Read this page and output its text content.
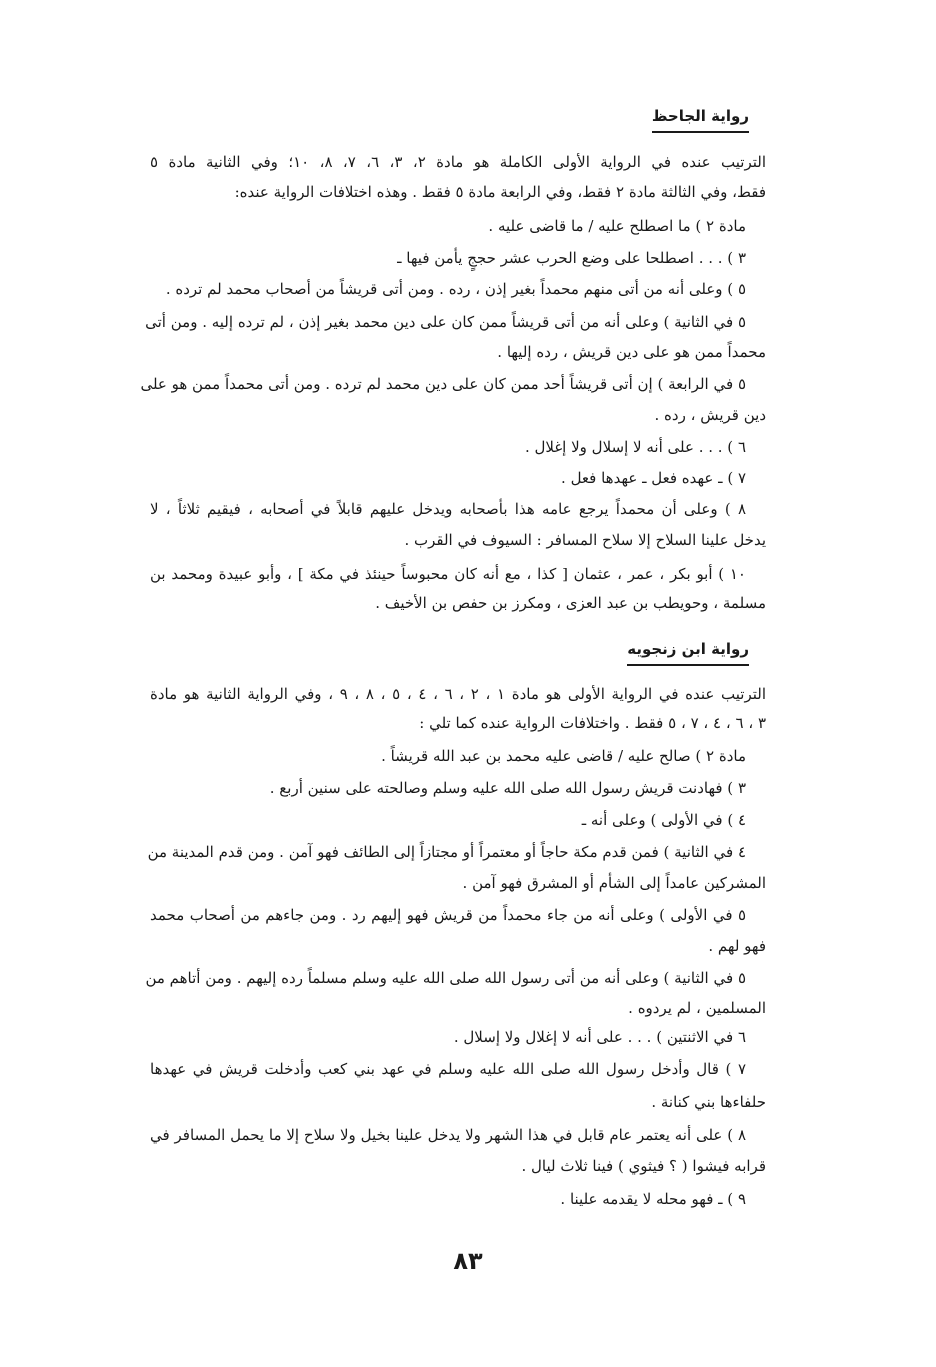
رواية الجاحظ
الترتيب عنده في الرواية الأولى الكاملة هو مادة ٢، ٣، ٦، ٧، ٨، ١٠؛ وفي الثانية مادة ٥
فقط، وفي الثالثة مادة ٢ فقط، وفي الرابعة مادة ٥ فقط . وهذه اختلافات الرواية عنده:
مادة ٢ ) ما اصطلح عليه / ما قاضى عليه .
٣ ) . . . اصطلحا على وضع الحرب عشر حججٍ يأمن فيها ـ
٥ ) وعلى أنه من أتى منهم محمداً بغير إذن ، رده . ومن أتى قريشاً من أصحاب محمد لم ترده .
٥ في الثانية ) وعلى أنه من أتى قريشاً ممن كان على دين محمد بغير إذن ، لم ترده إليه . ومن أتى
محمداً ممن هو على دين قريش ، رده إليها .
٥ في الرابعة ) إن أتى قريشاً أحد ممن كان على دين محمد لم ترده . ومن أتى محمداً ممن هو على
دين قريش ، رده .
٦ ) . . . على أنه لا إسلال ولا إغلال .
٧ ) ـ عهده فعل ـ عهدها فعل .
٨ ) وعلى أن محمداً يرجع عامه هذا بأصحابه ويدخل عليهم قابلاً في أصحابه ، فيقيم ثلاثاً ، لا
يدخل علينا السلاح إلا سلاح المسافر : السيوف في القرب .
١٠ ) أبو بكر ، عمر ، عثمان [ كذا ، مع أنه كان محبوساً حينئذ في مكة ] ، وأبو عبيدة ومحمد بن
مسلمة ، وحويطب بن عبد العزى ، ومكرز بن حفص بن الأخيف .
رواية ابن زنجويه
الترتيب عنده في الرواية الأولى هو مادة ١ ، ٢ ، ٦ ، ٤ ، ٥ ، ٨ ، ٩ ، وفي الرواية الثانية هو مادة
٣ ، ٦ ، ٤ ، ٧ ، ٥ فقط . واختلافات الرواية عنده كما تلي :
مادة ٢ ) صالح عليه / قاضى عليه محمد بن عبد الله قريشاً .
٣ ) فهادنت قريش رسول الله صلى الله عليه وسلم وصالحته على سنين أربع .
٤ ) في الأولى ) وعلى أنه ـ
٤ في الثانية ) فمن قدم مكة حاجاً أو معتمراً أو مجتازاً إلى الطائف فهو آمن . ومن قدم المدينة من
المشركين عامداً إلى الشأم أو المشرق فهو آمن .
٥ في الأولى ) وعلى أنه من جاء محمداً من قريش فهو إليهم رد . ومن جاءهم من أصحاب محمد
فهو لهم .
٥ في الثانية ) وعلى أنه من أتى رسول الله صلى الله عليه وسلم مسلماً رده إليهم . ومن أتاهم من
المسلمين ، لم يردوه .
٦ في الاثنتين ) . . . على أنه لا إغلال ولا إسلال .
٧ ) قال وأدخل رسول الله صلى الله عليه وسلم في عهد بني كعب وأدخلت قريش في عهدها
حلفاءها بني كنانة .
٨ ) على أنه يعتمر عام قابل في هذا الشهر ولا يدخل علينا بخيل ولا سلاح إلا ما يحمل المسافر في
قرابه فيشوا ( ؟ فيثوي ) فينا ثلاث ليال .
٩ ) ـ فهو محله لا يقدمه علينا .
٨٣
